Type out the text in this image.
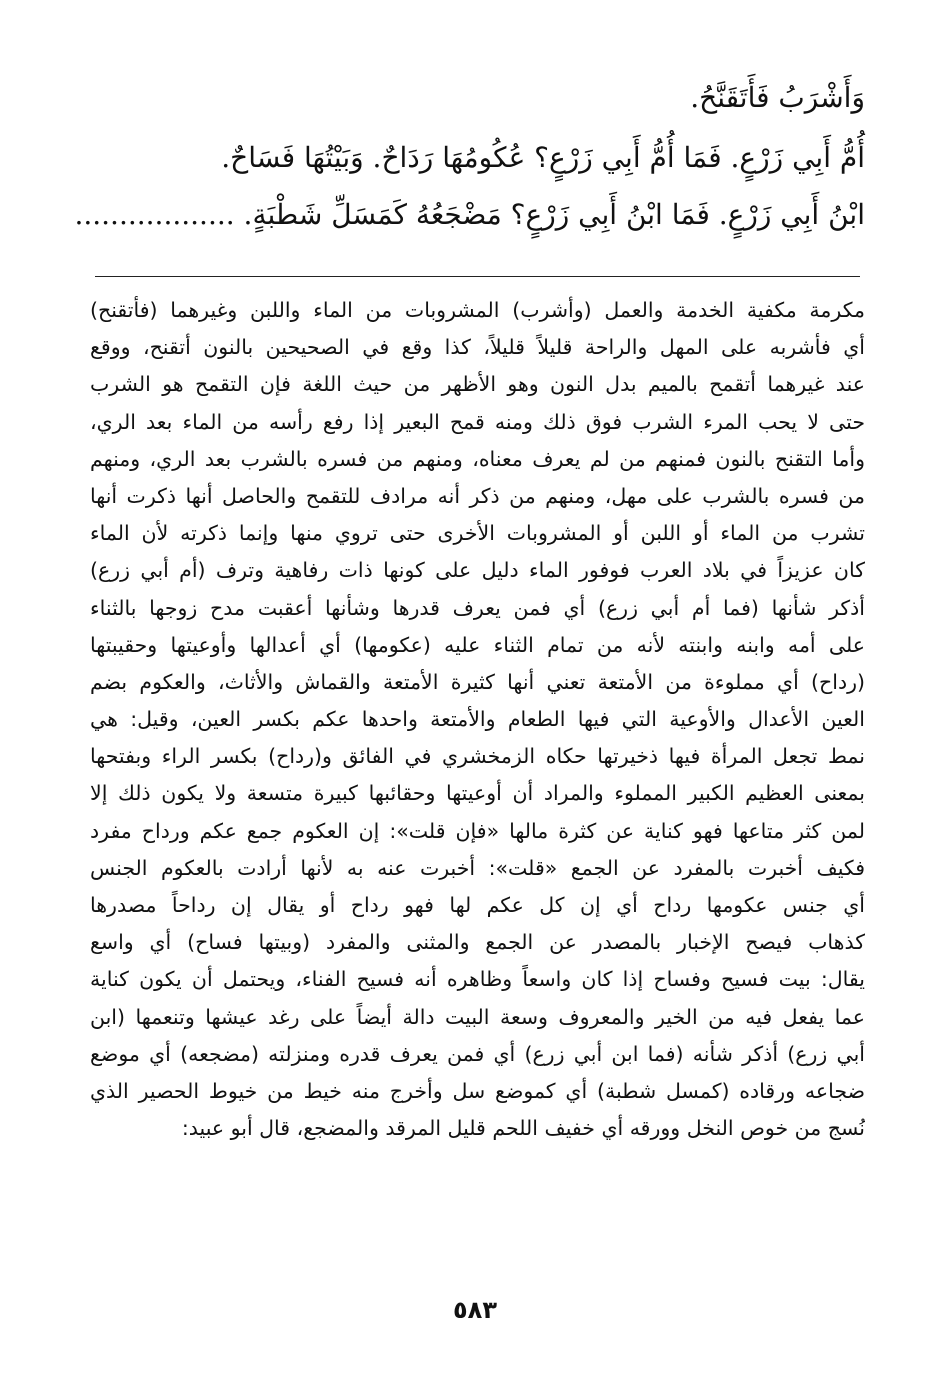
وَأَشْرَبُ فَأَتَقَنَّحُ.
أُمُّ أَبِي زَرْعٍ. فَمَا أُمُّ أَبِي زَرْعٍ؟ عُكُومُهَا رَدَاحٌ. وَبَيْتُهَا فَسَاحٌ.
ابْنُ أَبِي زَرْعٍ. فَمَا ابْنُ أَبِي زَرْعٍ؟ مَضْجَعُهُ كَمَسَلِّ شَطْبَةٍ. ..................
مكرمة مكفية الخدمة والعمل (وأشرب) المشروبات من الماء واللبن وغيرهما (فأتقنح)
أي فأشربه على المهل والراحة قليلاً قليلاً، كذا وقع في الصحيحين بالنون أتقنح، ووقع
عند غيرهما أتقمح بالميم بدل النون وهو الأظهر من حيث اللغة فإن التقمح هو الشرب
حتى لا يحب المرء الشرب فوق ذلك ومنه قمح البعير إذا رفع رأسه من الماء بعد الري،
وأما التقنح بالنون فمنهم من لم يعرف معناه، ومنهم من فسره بالشرب بعد الري، ومنهم
من فسره بالشرب على مهل، ومنهم من ذكر أنه مرادف للتقمح والحاصل أنها ذكرت أنها
تشرب من الماء أو اللبن أو المشروبات الأخرى حتى تروي منها وإنما ذكرته لأن الماء
كان عزيزاً في بلاد العرب فوفور الماء دليل على كونها ذات رفاهية وترف (أم أبي زرع)
أذكر شأنها (فما أم أبي زرع) أي فمن يعرف قدرها وشأنها أعقبت مدح زوجها بالثناء
على أمه وابنه وابنته لأنه من تمام الثناء عليه (عكومها) أي أعدالها وأوعيتها وحقيبتها
(رداح) أي مملوءة من الأمتعة تعني أنها كثيرة الأمتعة والقماش والأثاث، والعكوم بضم
العين الأعدال والأوعية التي فيها الطعام والأمتعة واحدها عكم بكسر العين، وقيل: هي
نمط تجعل المرأة فيها ذخيرتها حكاه الزمخشري في الفائق و(رداح) بكسر الراء وبفتحها
بمعنى العظيم الكبير المملوء والمراد أن أوعيتها وحقائبها كبيرة متسعة ولا يكون ذلك إلا
لمن كثر متاعها فهو كناية عن كثرة مالها «فإن قلت»: إن العكوم جمع عكم ورداح مفرد
فكيف أخبرت بالمفرد عن الجمع «قلت»: أخبرت عنه به لأنها أرادت بالعكوم الجنس
أي جنس عكومها رداح أي إن كل عكم لها فهو رداح أو يقال إن رداحاً مصدرها
كذهاب فيصح الإخبار بالمصدر عن الجمع والمثنى والمفرد (وبيتها فساح) أي واسع
يقال: بيت فسيح وفساح إذا كان واسعاً وظاهره أنه فسيح الفناء، ويحتمل أن يكون كناية
عما يفعل فيه من الخير والمعروف وسعة البيت دالة أيضاً على رغد عيشها وتنعمها (ابن
أبي زرع) أذكر شأنه (فما ابن أبي زرع) أي فمن يعرف قدره ومنزلته (مضجعه) أي موضع
ضجاعه ورقاده (كمسل شطبة) أي كموضع سل وأخرج منه خيط من خيوط الحصير الذي
نُسج من خوص النخل وورقه أي خفيف اللحم قليل المرقد والمضجع، قال أبو عبيد:
٥٨٣
